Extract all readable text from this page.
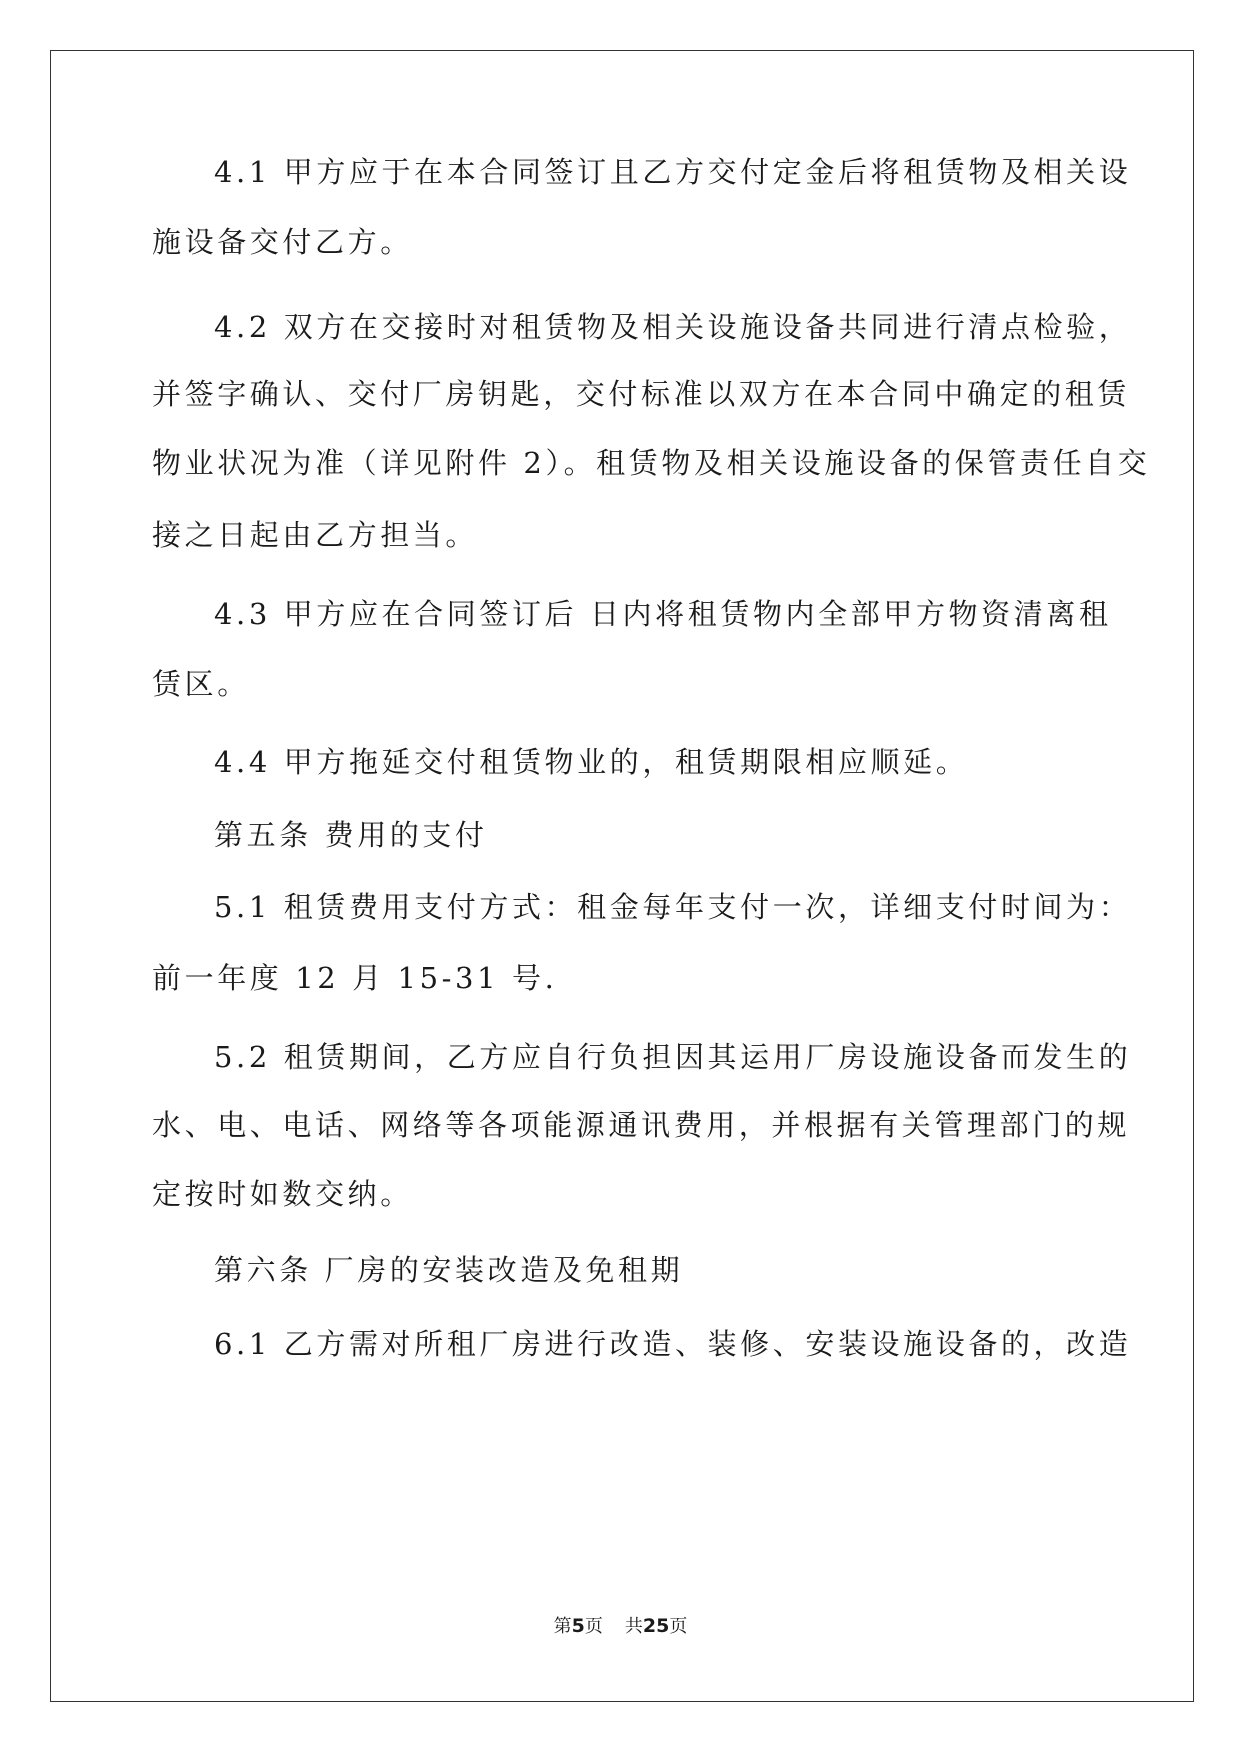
4.1 甲方应于在本合同签订且乙方交付定金后将租赁物及相关设
施设备交付乙方。
4.2 双方在交接时对租赁物及相关设施设备共同进行清点检验，
并签字确认、交付厂房钥匙，交付标准以双方在本合同中确定的租赁
物业状况为准（详见附件 2）。租赁物及相关设施设备的保管责任自交
接之日起由乙方担当。
4.3 甲方应在合同签订后 日内将租赁物内全部甲方物资清离租
赁区。
4.4 甲方拖延交付租赁物业的，租赁期限相应顺延。
第五条 费用的支付
5.1 租赁费用支付方式：租金每年支付一次，详细支付时间为：
前一年度 12 月 15-31 号.
5.2 租赁期间，乙方应自行负担因其运用厂房设施设备而发生的
水、电、电话、网络等各项能源通讯费用，并根据有关管理部门的规
定按时如数交纳。
第六条 厂房的安装改造及免租期
6.1 乙方需对所租厂房进行改造、装修、安装设施设备的，改造
第5页 共25页
